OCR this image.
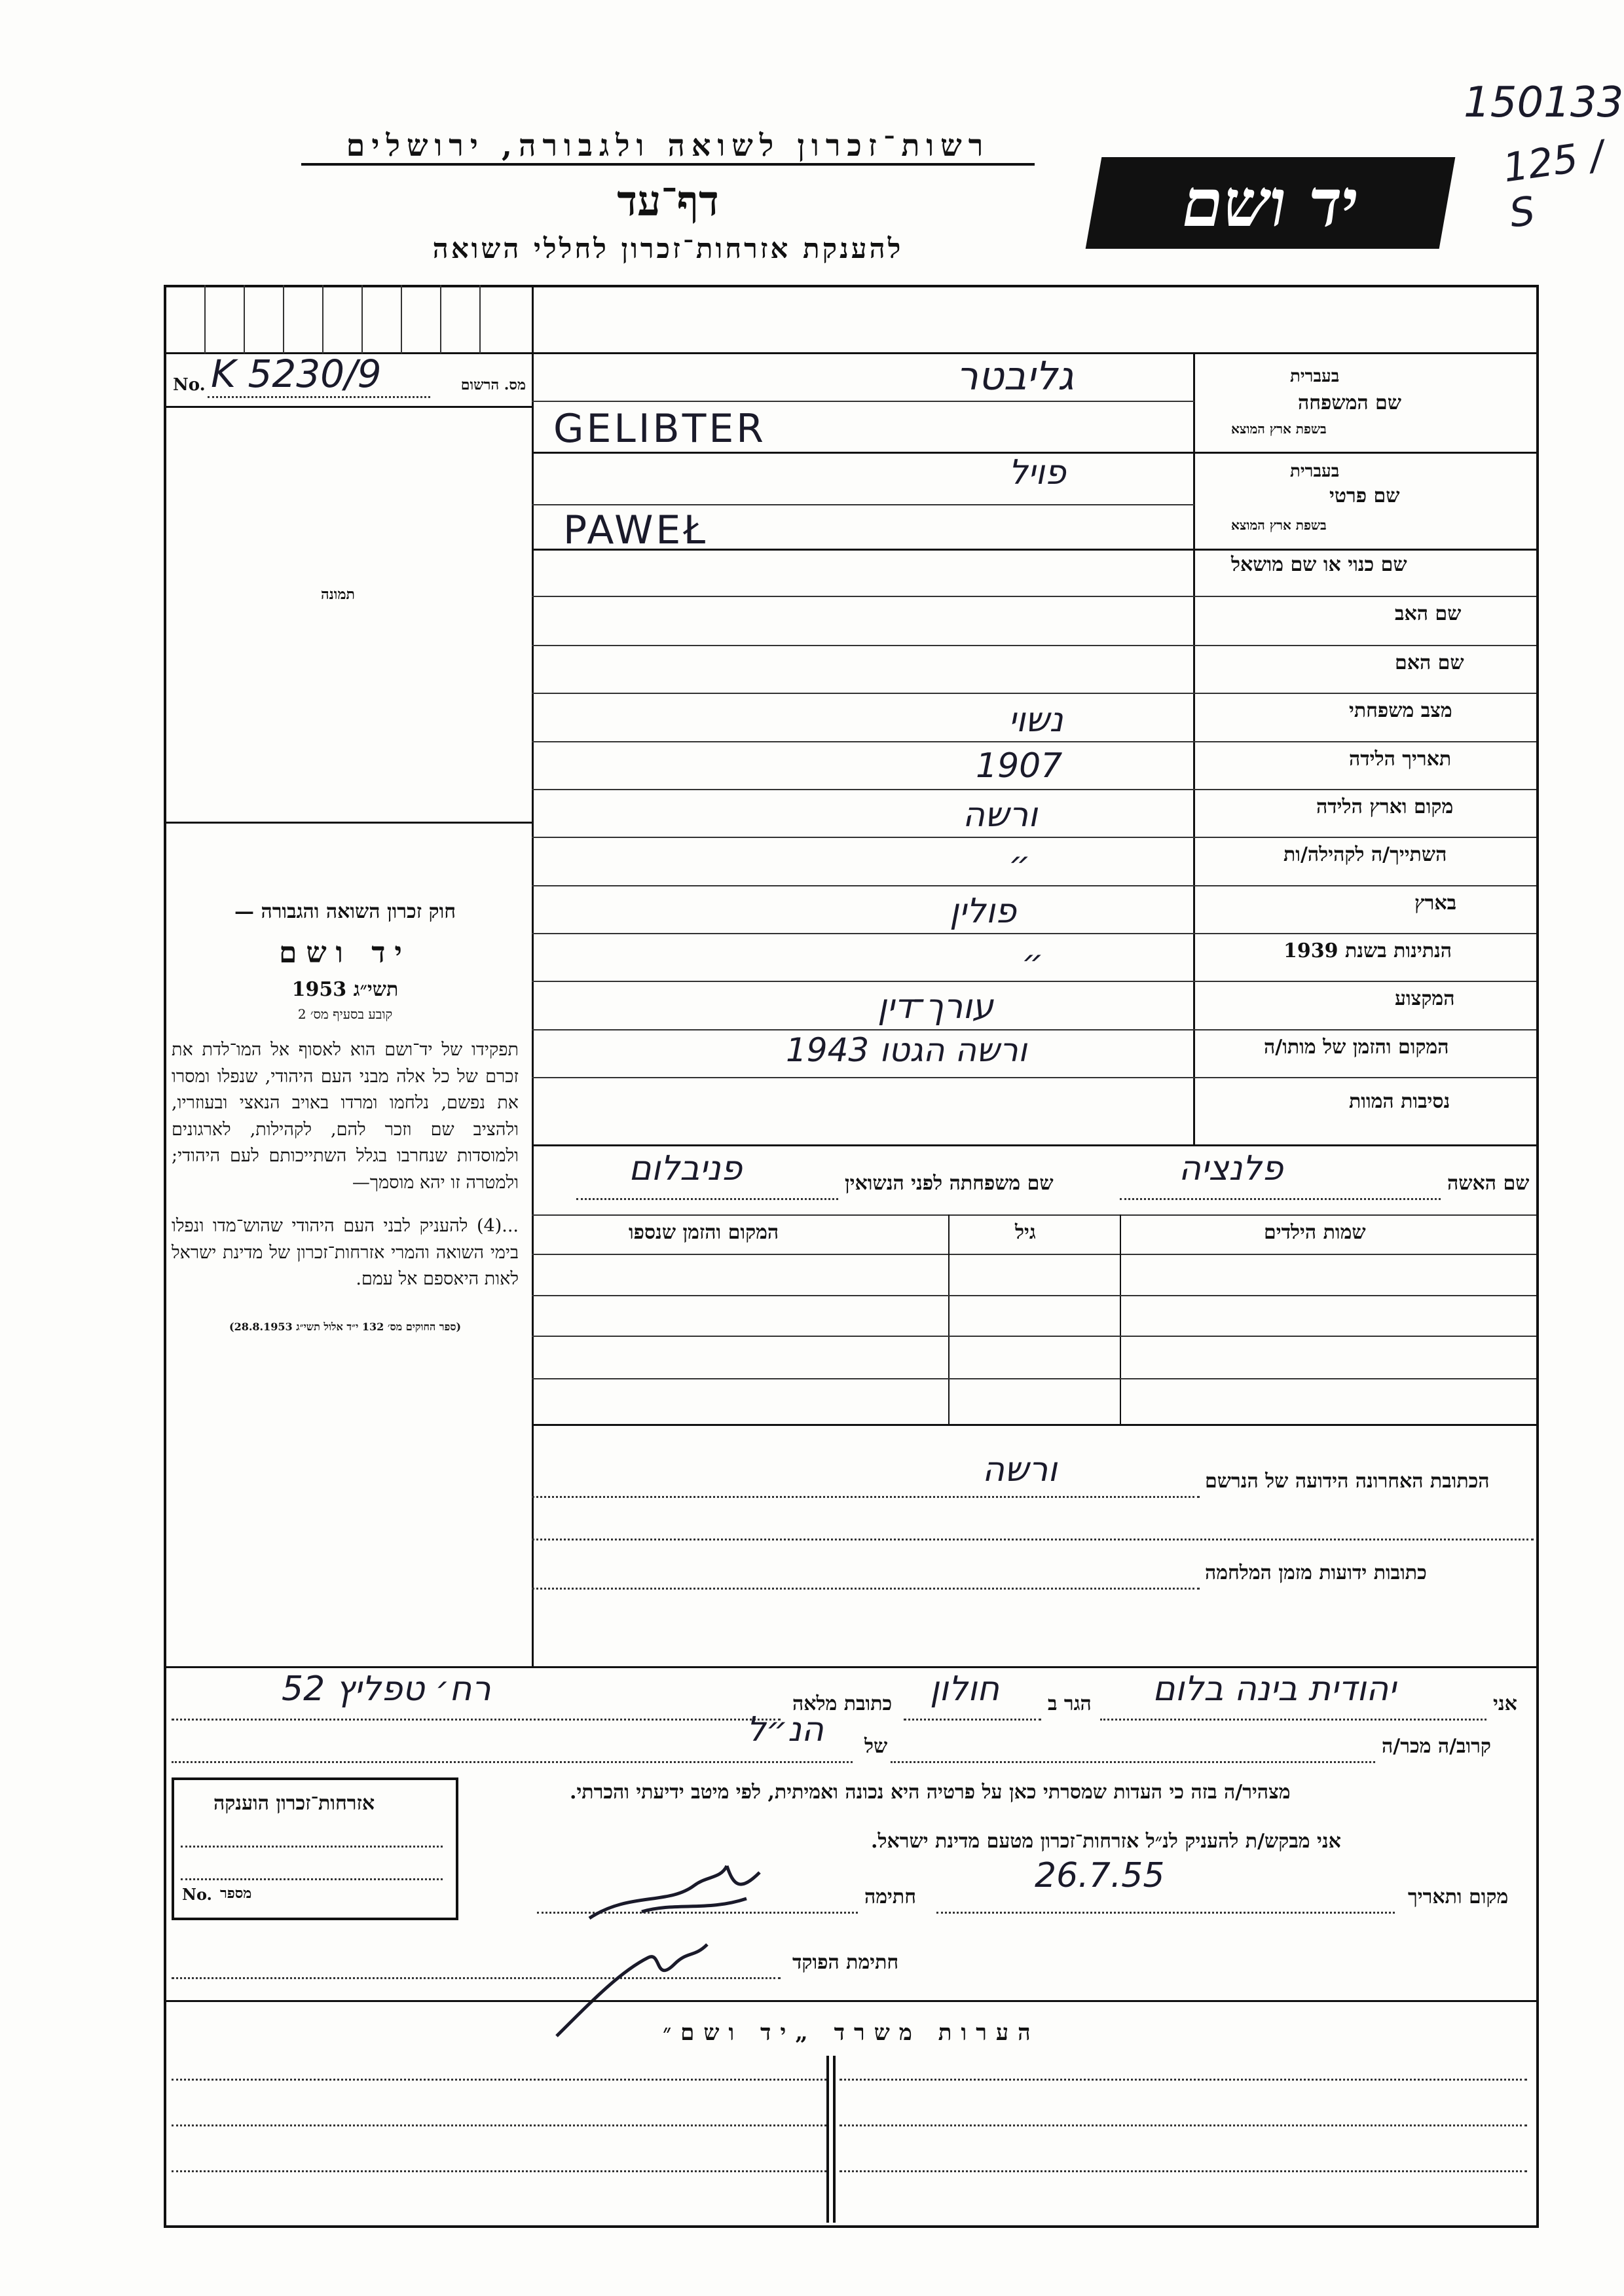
150133
125 / S
רשות־זכרון לשואה ולגבורה, ירושלים
דף־עד
להענקת אזרחות־זכרון לחללי השואה
יד ושם
No. K 5230/9	מס. הרשום
תמונה
חוק זכרון השואה והגבורה —
יד ושם
תשי״ג 1953
קובע בסעיף מס׳ 2
תפקידו של יד־ושם הוא לאסוף אל המו־לדת את זכרם של כל אלה מבני העם היהודי, שנפלו ומסרו את נפשם, נלחמו ומרדו באויב הנאצי ובעוזריו, ולהציב שם וזכר להם, לקהילות, לארגונים ולמוסדות שנחרבו בגלל השתייכותם לעם היהודי; ולמטרה זו יהא מוסמך—
...(4) להעניק לבני העם היהודי שהוש־מדו ונפלו בימי השואה והמרי אזרחות־זכרון של מדינת ישראל לאות היאספם אל עמם.
(ספר החוקים מס׳ 132 י״ד אלול תשי״ג 28.8.1953)
שם המשפחה
בעברית
בשפת ארץ המוצא
גליבטר
GELIBTER
שם פרטי
בעברית
בשפת ארץ המוצא
פויל
PAWEŁ
שם כנוי או שם מושאל
שם האב
שם האם
מצב משפחתי
תאריך הלידה
מקום וארץ הלידה
השתייך/ה לקהילה/ות
בארץ
הנתינות בשנת 1939
המקצוע
המקום והזמן של מותו/ה
נסיבות המוות
נשוי
1907
ורשה
״
פולין
״
עורך־דין
ורשה הגטו 1943
שם האשה
פלנציה
שם משפחתה לפני הנשואין
פניבלום
שמות הילדים
גיל
המקום והזמן שנספו
הכתובת האחרונה הידועה של הנרשם
ורשה
כתובות ידועות מזמן המלחמה
אני
יהודית בינה בלום
הגר ב
חולון
כתובת מלאה
רח׳ טפליץ 52
קרוב/ה מכר/ה
של
הנ״ל
מצהיר/ה בזה כי העדות שמסרתי כאן על פרטיה היא נכונה ואמיתית, לפי מיטב ידיעתי והכרתי.
אני מבקש/ת להעניק לנ״ל אזרחות־זכרון מטעם מדינת ישראל.
מקום ותאריך
26.7.55
חתימה
חתימת הפוקד
אזרחות־זכרון הוענקה
No. מספר
הערות משרד „יד ושם״
